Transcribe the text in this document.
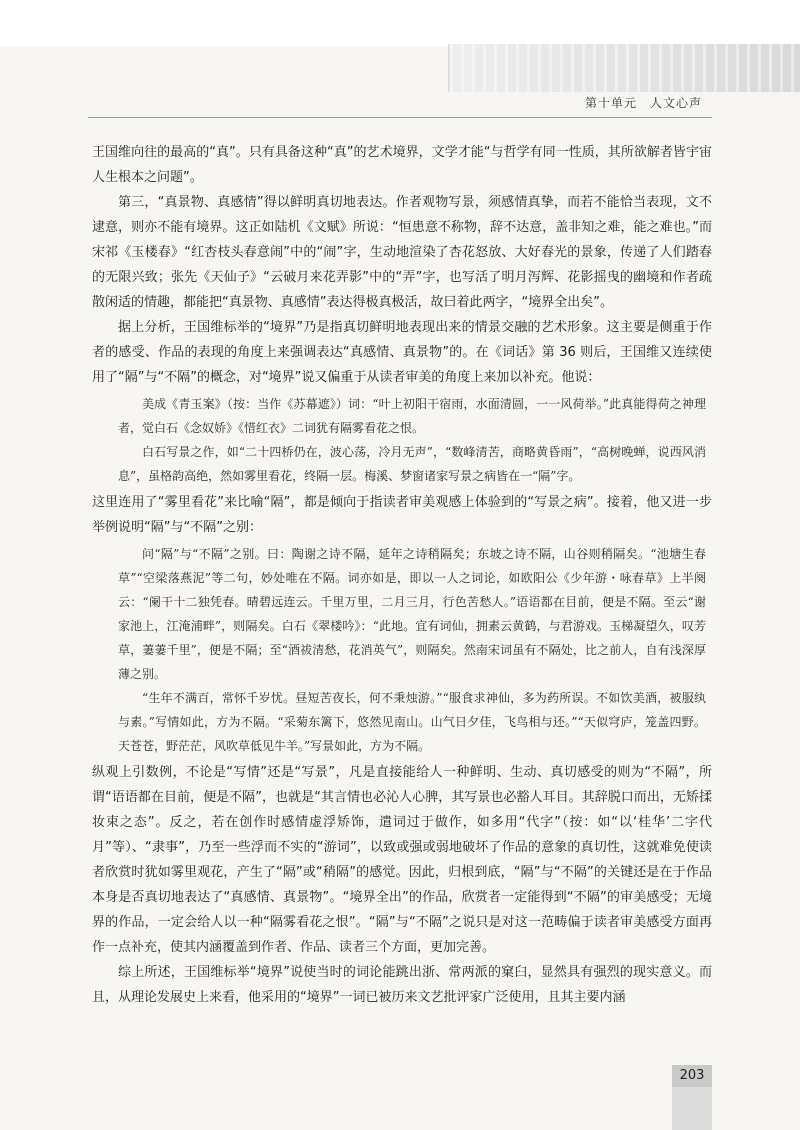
第十单元　人文心声

王国维向往的最高的“真”。只有具备这种“真”的艺术境界，文学才能“与哲学有同一性质，其所欲解者皆宇宙人生根本之问题”。

第三，“真景物、真感情”得以鲜明真切地表达。作者观物写景，须感情真挚，而若不能恰当表现，文不逮意，则亦不能有境界。这正如陆机《文赋》所说：“恒患意不称物，辞不达意，盖非知之难，能之难也。”而宋祁《玉楼春》“红杏枝头春意闹”中的“闹”字，生动地渲染了杏花怒放、大好春光的景象，传递了人们踏春的无限兴致；张先《天仙子》“云破月来花弄影”中的“弄”字，也写活了明月泻辉、花影摇曳的幽境和作者疏散闲适的情趣，都能把“真景物、真感情”表达得极真极活，故曰着此两字，“境界全出矣”。

据上分析，王国维标举的“境界”乃是指真切鲜明地表现出来的情景交融的艺术形象。这主要是侧重于作者的感受、作品的表现的角度上来强调表达“真感情、真景物”的。在《词话》第 36 则后，王国维又连续使用了“隔”与“不隔”的概念，对“境界”说又偏重于从读者审美的角度上来加以补充。他说：

美成《青玉案》（按：当作《苏幕遮》）词：“叶上初阳干宿雨，水面清圆，一一风荷举。”此真能得荷之神理者，觉白石《念奴娇》《惜红衣》二词犹有隔雾看花之恨。

白石写景之作，如“二十四桥仍在，波心荡，冷月无声”，“数峰清苦，商略黄昏雨”，“高树晚蝉，说西风消息”，虽格韵高绝，然如雾里看花，终隔一层。梅溪、梦窗诸家写景之病皆在一“隔”字。

这里连用了“雾里看花”来比喻“隔”，都是倾向于指读者审美观感上体验到的“写景之病”。接着，他又进一步举例说明“隔”与“不隔”之别：

问“隔”与“不隔”之别。曰：陶谢之诗不隔，延年之诗稍隔矣；东坡之诗不隔，山谷则稍隔矣。“池塘生春草”“空梁落燕泥”等二句，妙处唯在不隔。词亦如是，即以一人之词论，如欧阳公《少年游・咏春草》上半阕云：“阑干十二独凭春。晴碧远连云。千里万里，二月三月，行色苦愁人。”语语都在目前，便是不隔。至云“谢家池上，江淹浦畔”，则隔矣。白石《翠楼吟》：“此地。宜有词仙，拥素云黄鹤，与君游戏。玉梯凝望久，叹芳草，萋萋千里”，便是不隔；至“酒祓清愁，花消英气”，则隔矣。然南宋词虽有不隔处，比之前人，自有浅深厚薄之别。

“生年不满百，常怀千岁忧。昼短苦夜长，何不秉烛游。”“服食求神仙，多为药所误。不如饮美酒，被服纨与素。”写情如此，方为不隔。“采菊东篱下，悠然见南山。山气日夕佳，飞鸟相与还。”“天似穹庐，笼盖四野。天苍苍，野茫茫，风吹草低见牛羊。”写景如此，方为不隔。

纵观上引数例，不论是“写情”还是“写景”，凡是直接能给人一种鲜明、生动、真切感受的则为“不隔”，所谓“语语都在目前，便是不隔”，也就是“其言情也必沁人心脾，其写景也必豁人耳目。其辞脱口而出，无矫揉妆束之态”。反之，若在创作时感情虚浮矫饰，遣词过于做作，如多用“代字”（按：如“以‘桂华’二字代月”等）、“隶事”，乃至一些浮而不实的“游词”，以致或强或弱地破坏了作品的意象的真切性，这就难免使读者欣赏时犹如雾里观花，产生了“隔”或“稍隔”的感觉。因此，归根到底，“隔”与“不隔”的关键还是在于作品本身是否真切地表达了“真感情、真景物”。“境界全出”的作品，欣赏者一定能得到“不隔”的审美感受；无境界的作品，一定会给人以一种“隔雾看花之恨”。“隔”与“不隔”之说只是对这一范畴偏于读者审美感受方面再作一点补充，使其内涵覆盖到作者、作品、读者三个方面，更加完善。

综上所述，王国维标举“境界”说使当时的词论能跳出浙、常两派的窠臼，显然具有强烈的现实意义。而且，从理论发展史上来看，他采用的“境界”一词已被历来文艺批评家广泛使用，且其主要内涵

203
